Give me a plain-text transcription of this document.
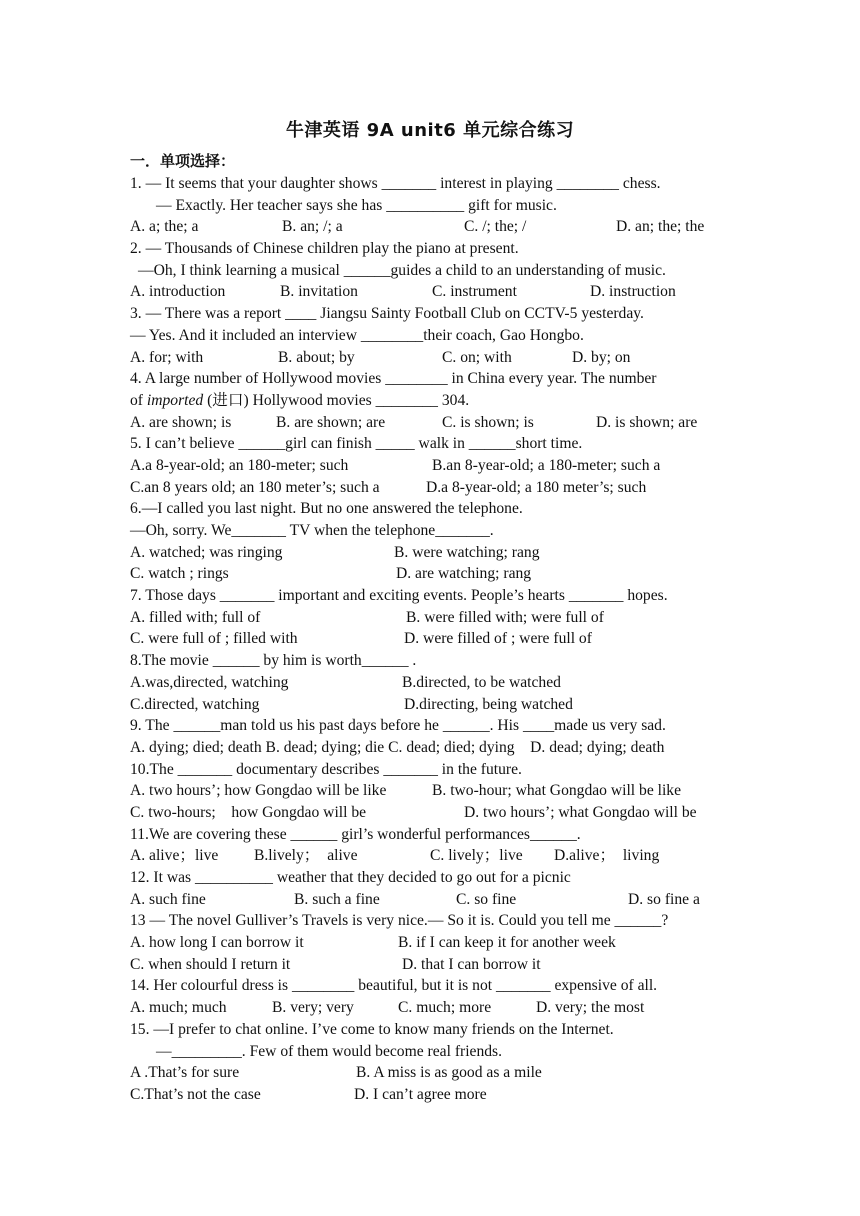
牛津英语 9A unit6 单元综合练习
一．单项选择：
1. — It seems that your daughter shows _______ interest in playing ________ chess.
— Exactly. Her teacher says she has __________ gift for music.

A. a; the; a

	B. an; /; a

	C. /; the; /

	D. an; the; the

2. — Thousands of Chinese children play the piano at present.
—Oh, I think learning a musical ______guides a child to an understanding of music.

A. introduction

	B. invitation

	C. instrument

	D. instruction

3. — There was a report ____ Jiangsu Sainty Football Club on CCTV-5 yesterday.
— Yes. And it included an interview ________their coach, Gao Hongbo.

A. for; with

	B. about; by

	C. on; with

	D. by; on

4. A large number of Hollywood movies ________ in China every year. The number
of imported (进口) Hollywood movies ________ 304.

A. are shown; is

	B. are shown; are

	C. is shown; is

	D. is shown; are

5. I can’t believe ______girl can finish _____ walk in ______short time.

A.a 8-year-old; an 180-meter; such

	B.an 8-year-old; a 180-meter; such a

C.an 8 years old; an 180 meter’s; such a

	D.a 8-year-old; a 180 meter’s; such

6.—I called you last night. But no one answered the telephone.
—Oh, sorry. We_______ TV when the telephone_______.

A. watched; was ringing

	B. were watching; rang

C. watch ; rings

	D. are watching; rang

7. Those days _______ important and exciting events. People’s hearts _______ hopes.

A. filled with; full of

	B. were filled with; were full of

C. were full of ; filled with

	D. were filled of ; were full of

8.The movie ______ by him is worth______ .

A.was,directed, watching

	B.directed, to be watched

C.directed, watching

	D.directing, being watched

9. The ______man told us his past days before he ______. His ____made us very sad.
A. dying; died; death B. dead; dying; die C. dead; died; dying    D. dead; dying; death
10.The _______ documentary describes _______ in the future.

A. two hours’; how Gongdao will be like

	B. two-hour; what Gongdao will be like

C. two-hours;    how Gongdao will be

	D. two hours’; what Gongdao will be

11.We are covering these ______ girl’s wonderful performances______.

A. alive；live

B.lively；  alive

	C. lively；live

D.alive；  living

12. It was __________ weather that they decided to go out for a picnic

A. such fine

	B. such a fine

	C. so fine

	D. so fine a

13 — The novel Gulliver’s Travels is very nice.— So it is. Could you tell me ______?

A. how long I can borrow it

	B. if I can keep it for another week

C. when should I return it

	D. that I can borrow it

14. Her colourful dress is ________ beautiful, but it is not _______ expensive of all.

A. much; much

	B. very; very

	C. much; more

	D. very; the most

15. —I prefer to chat online. I’ve come to know many friends on the Internet.
—_________. Few of them would become real friends.

A .That’s for sure

	B. A miss is as good as a mile

C.That’s not the case

	D. I can’t agree more
